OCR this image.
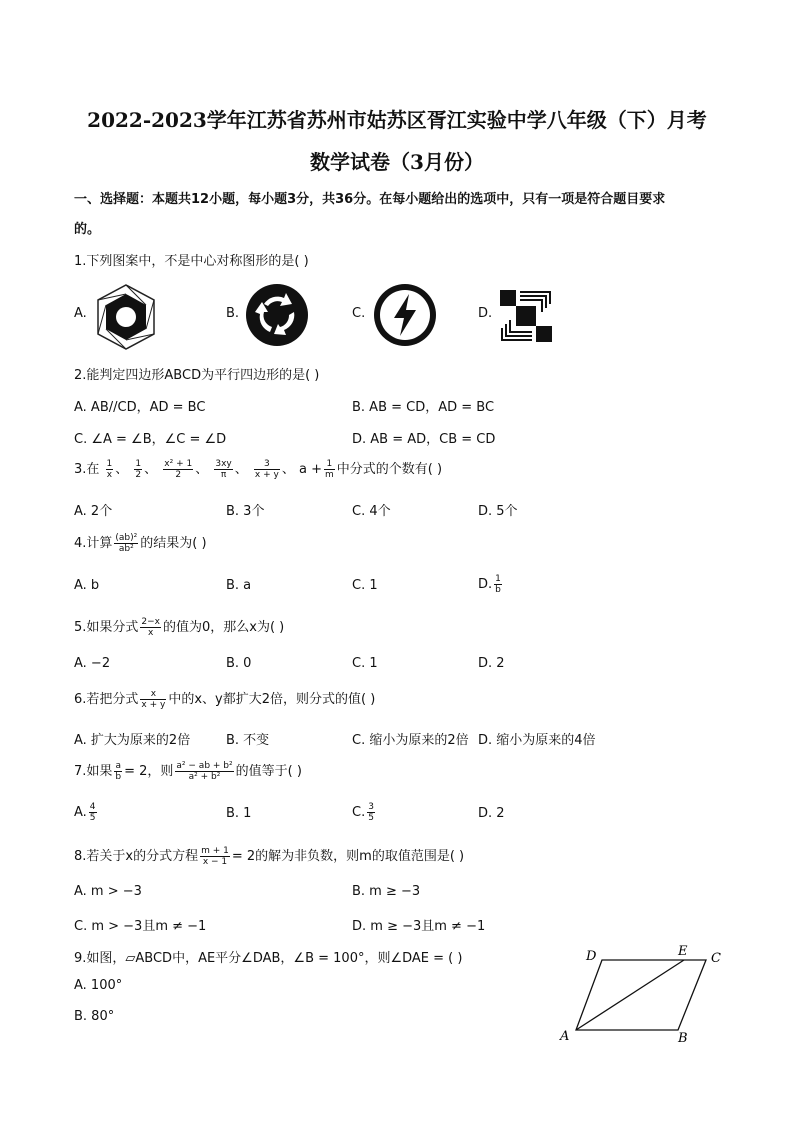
2022-2023学年江苏省苏州市姑苏区胥江实验中学八年级（下）月考
数学试卷（3月份）
一、选择题：本题共12小题，每小题3分，共36分。在每小题给出的选项中，只有一项是符合题目要求
的。
1.下列图案中，不是中心对称图形的是( )
A.	B.	C.	D.
2.能判定四边形ABCD为平行四边形的是( )
A. AB//CD，AD = BC	B. AB = CD，AD = BC
C. ∠A = ∠B，∠C = ∠D	D. AB = AD，CB = CD
3.在 $\frac{1}{x}$ 、 $\frac{1}{2}$ 、 $\frac{\text{x² + 1}}{2}$ 、 $\frac{3xy}{\pi}$ 、 $\frac{3}{x + y}$ 、 $a + \frac{1}{m}$ 中分式的个数有( )
A. 2个	B. 3个	C. 4个	D. 5个
4.计算 $\frac{\text{(ab)²}}{\text{ab²}}$ 的结果为( )
A. b	B. a	C. 1	D. $\frac{1}{b}$
5.如果分式 $\frac{2-x}{x}$ 的值为0，那么x为( )
A. −2	B. 0	C. 1	D. 2
6.若把分式 $\frac{x}{x + y}$ 中的x、y都扩大2倍，则分式的值( )
A. 扩大为原来的2倍	B. 不变	C. 缩小为原来的2倍 D. 缩小为原来的4倍
7.如果 $\frac{a}{b} = 2$，则 $\frac{\text{a² − ab + b²}}{\text{a² + b²}}$ 的值等于( )
A. $\frac{4}{5}$	B. 1	C. $\frac{3}{5}$	D. 2
8.若关于x的分式方程 $\frac{m + 1}{x - 1} = 2$的解为非负数，则m的取值范围是( )
A. m > −3	B. m ≥ −3
C. m > −3且m ≠ −1	D. m ≥ −3且m ≠ −1
9.如图，▱ABCD中，AE平分∠DAB，∠B = 100°，则∠DAE = ( )
A. 100°
B. 80°
A	B
C
D	E
